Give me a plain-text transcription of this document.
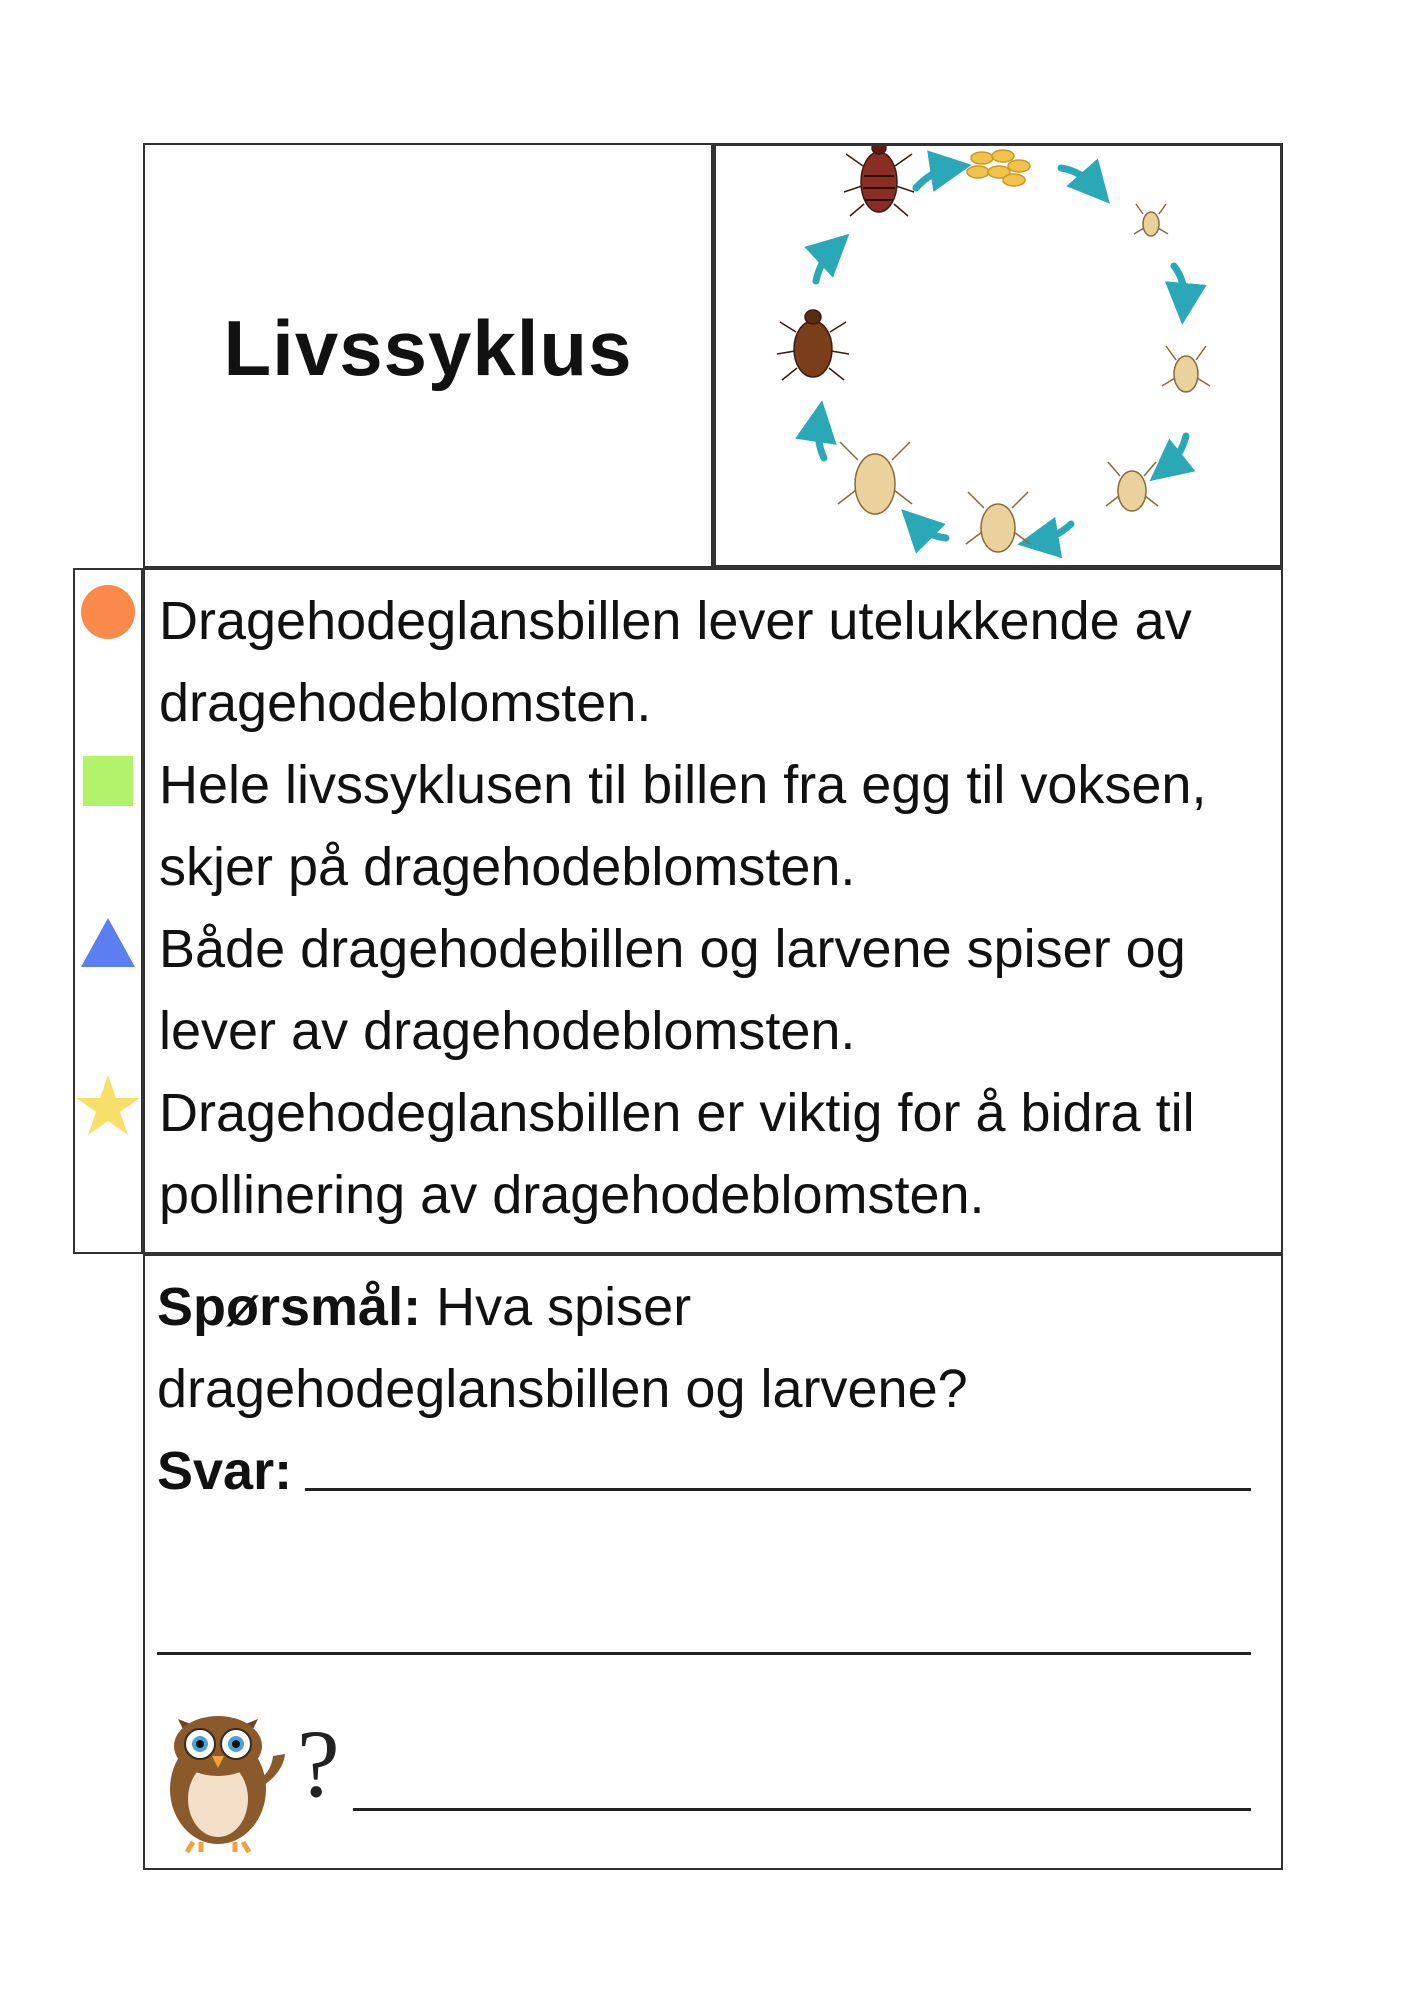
Livssyklus

Dragehodeglansbillen lever utelukkende av dragehodeblomsten.

Hele livssyklusen til billen fra egg til voksen, skjer på dragehodeblomsten.

Både dragehodebillen og larvene spiser og lever av dragehodeblomsten.

Dragehodeglansbillen er viktig for å bidra til pollinering av dragehodeblomsten.

Spørsmål: Hva spiser
dragehodeglansbillen og larvene?
Svar:
?
